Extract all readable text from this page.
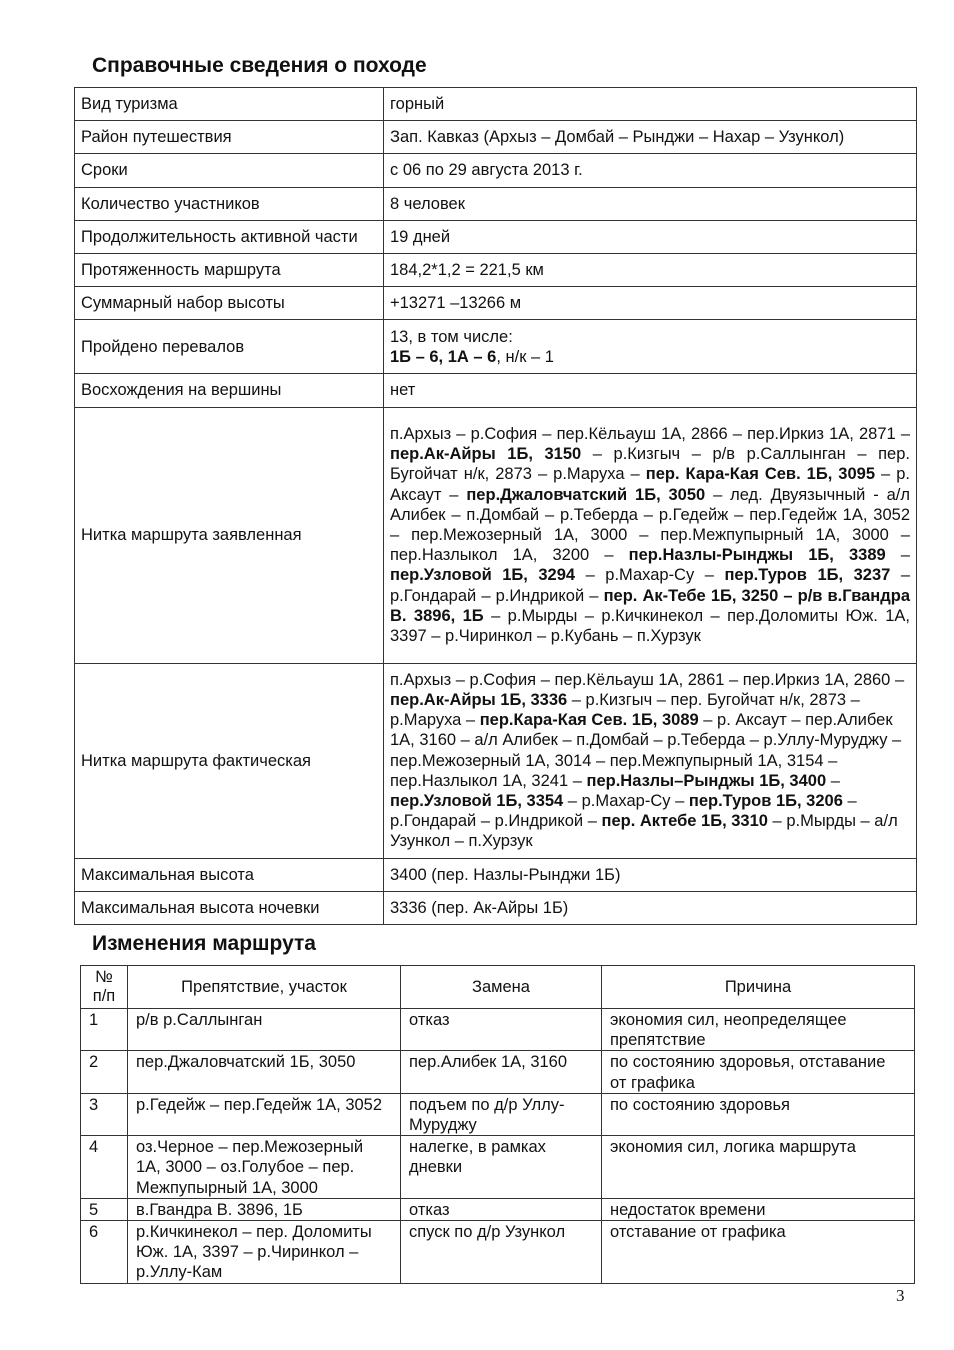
Справочные сведения о походе
Вид туризма	горный
Район путешествия	Зап. Кавказ (Архыз – Домбай – Рынджи – Нахар – Узункол)
Сроки	с 06 по 29 августа 2013 г.
Количество участников	8 человек
Продолжительность активной части	19 дней
Протяженность маршрута	184,2*1,2 = 221,5 км
Суммарный набор высоты	+13271 –13266 м
Пройдено перевалов	13, в том числе:
1Б – 6, 1А – 6, н/к – 1
Восхождения на вершины	нет
Нитка маршрута заявленная	п.Архыз – р.София – пер.Кёльауш 1А, 2866 – пер.Иркиз 1А, 2871 – пер.Ак-Айры 1Б, 3150 – р.Кизгыч – р/в р.Саллынган – пер. Бугойчат н/к, 2873 – р.Маруха – пер. Кара-Кая Сев. 1Б, 3095 – р. Аксаут – пер.Джаловчатский 1Б, 3050 – лед. Двуязычный - а/л Алибек – п.Домбай – р.Теберда – р.Гедейж – пер.Гедейж 1А, 3052 – пер.Межозерный 1А, 3000 – пер.Межпупырный 1А, 3000 – пер.Назлыкол 1А, 3200 – пер.Назлы-Рынджы 1Б, 3389 – пер.Узловой 1Б, 3294 – р.Махар-Су – пер.Туров 1Б, 3237 – р.Гондарай – р.Индрикой – пер. Ак-Тебе 1Б, 3250 – р/в в.Гвандра В. 3896, 1Б – р.Мырды – р.Кичкинекол – пер.Доломиты Юж. 1А, 3397 – р.Чиринкол – р.Кубань – п.Хурзук
Нитка маршрута фактическая	п.Архыз – р.София – пер.Кёльауш 1А, 2861 – пер.Иркиз 1А, 2860 – пер.Ак-Айры 1Б, 3336 – р.Кизгыч – пер. Бугойчат н/к, 2873 – р.Маруха – пер.Кара-Кая Сев. 1Б, 3089 – р. Аксаут – пер.Алибек 1А, 3160 – а/л Алибек – п.Домбай – р.Теберда – р.Уллу-Муруджу – пер.Межозерный 1А, 3014 – пер.Межпупырный 1А, 3154 – пер.Назлыкол 1А, 3241 – пер.Назлы–Рынджы 1Б, 3400 – пер.Узловой 1Б, 3354 – р.Махар-Су – пер.Туров 1Б, 3206 – р.Гондарай – р.Индрикой – пер. Актебе 1Б, 3310 – р.Мырды – а/л Узункол – п.Хурзук
Максимальная высота	3400 (пер. Назлы-Рынджи 1Б)
Максимальная высота ночевки	3336 (пер. Ак-Айры 1Б)
Изменения маршрута
№
п/п	Препятствие, участок	Замена	Причина
1	р/в р.Саллынган	отказ	экономия сил, неопределящее препятствие
2	пер.Джаловчатский 1Б, 3050	пер.Алибек 1А, 3160	по состоянию здоровья, отставание от графика
3	р.Гедейж – пер.Гедейж 1А, 3052	подъем по д/р Уллу-Муруджу	по состоянию здоровья
4	оз.Черное – пер.Межозерный 1А, 3000 – оз.Голубое – пер. Межпупырный 1А, 3000	налегке, в рамках дневки	экономия сил, логика маршрута
5	в.Гвандра В. 3896, 1Б	отказ	недостаток времени
6	р.Кичкинекол – пер. Доломиты Юж. 1А, 3397 – р.Чиринкол – р.Уллу-Кам	спуск по д/р Узункол	отставание от графика
3
